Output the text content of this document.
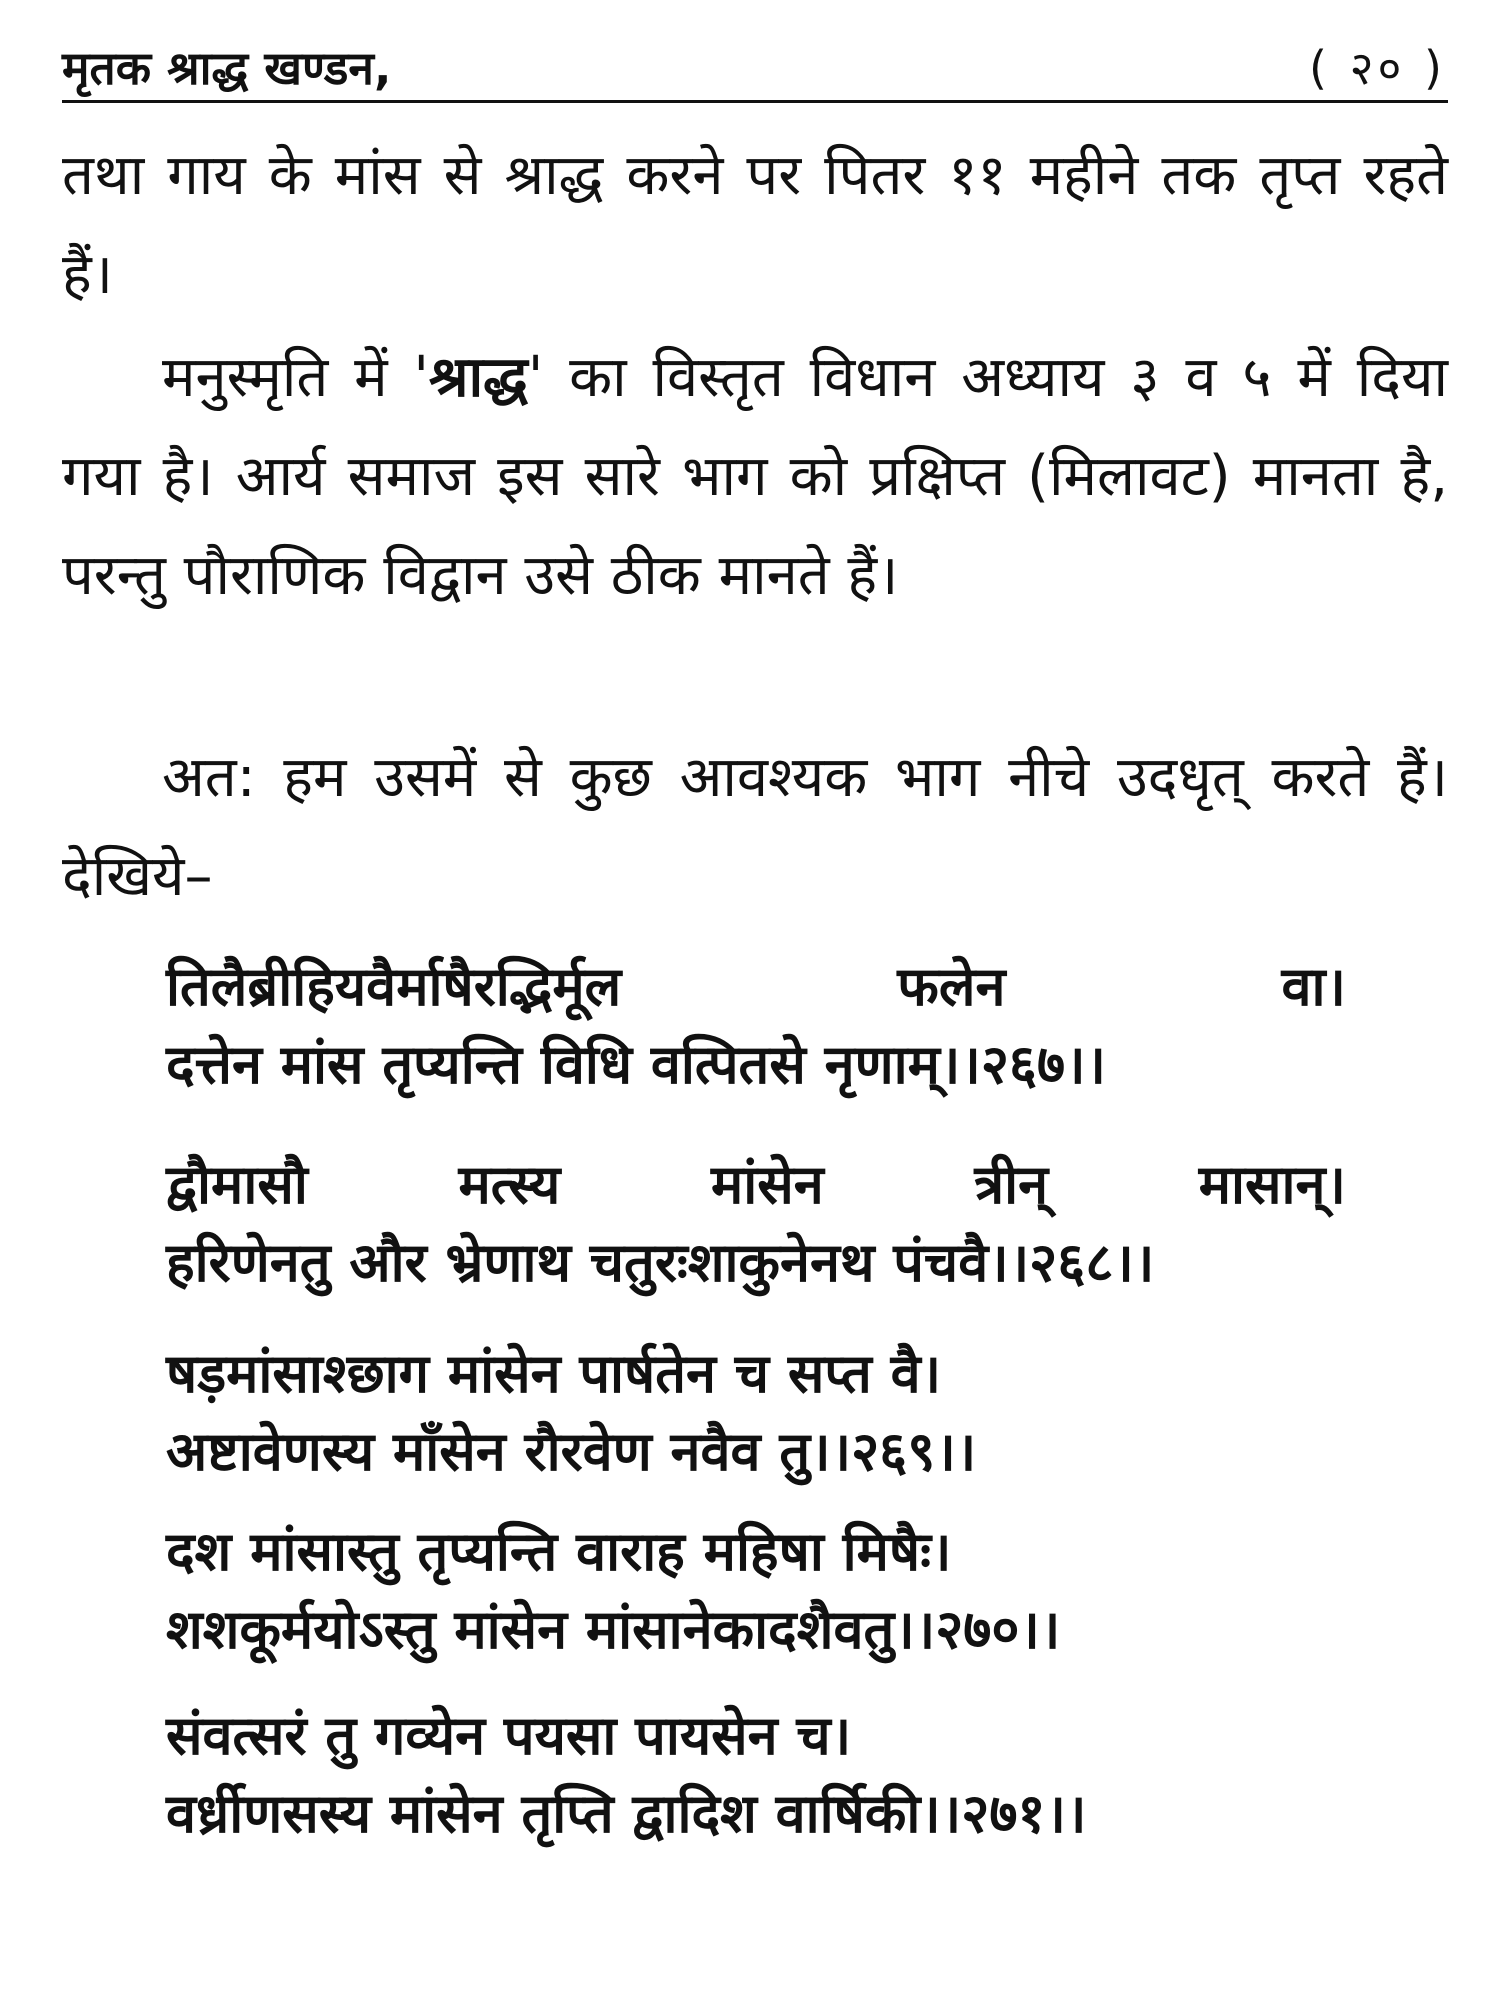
मृतक श्राद्ध खण्डन,	( २० )
तथा गाय के मांस से श्राद्ध करने पर पितर ११ महीने तक तृप्त रहते हैं।
मनुस्मृति में 'श्राद्ध' का विस्तृत विधान अध्याय ३ व ५ में दिया गया है। आर्य समाज इस सारे भाग को प्रक्षिप्त (मिलावट) मानता है, परन्तु पौराणिक विद्वान उसे ठीक मानते हैं।
अत: हम उसमें से कुछ आवश्यक भाग नीचे उदधृत् करते हैं। देखिये–
तिलैब्रीहियवैर्माषैरद्भिर्मूल	फलेन	वा।
दत्तेन मांस तृप्यन्ति विधि वत्पितसे नृणाम्।।२६७।।
द्वौमासौ	मत्स्य	मांसेन	त्रीन्	मासान्।
हरिणेनतु और भ्रेणाथ चतुरःशाकुनेनथ पंचवै।।२६८।।
षड़मांसाश्छाग मांसेन पार्षतेन च सप्त वै।
अष्टावेणस्य माँसेन रौरवेण नवैव तु।।२६९।।
दश मांसास्तु तृप्यन्ति वाराह महिषा मिषैः।
शशकूर्मयोऽस्तु मांसेन मांसानेकादशैवतु।।२७०।।
संवत्सरं तु गव्येन पयसा पायसेन च।
वर्ध्रीणसस्य मांसेन तृप्ति द्वादिश वार्षिकी।।२७१।।
